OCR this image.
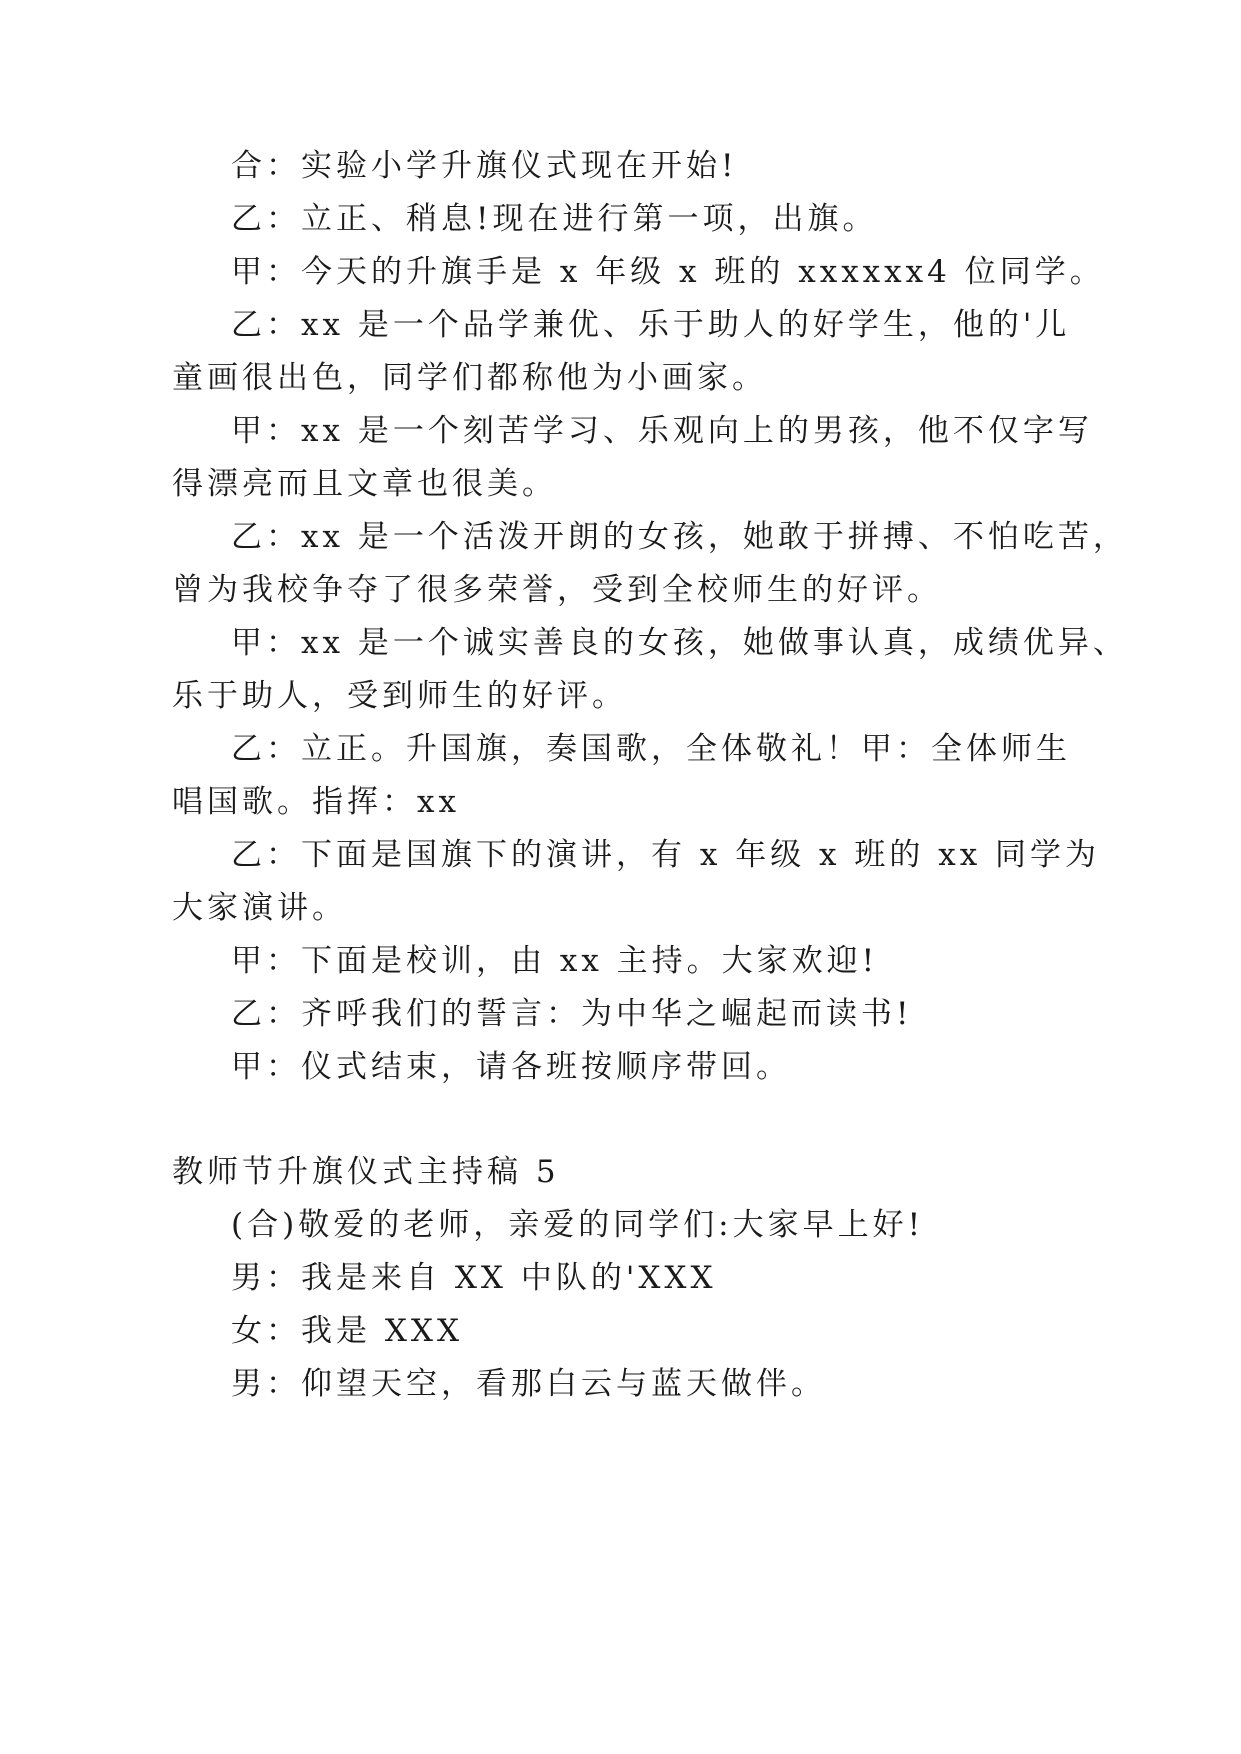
合：实验小学升旗仪式现在开始!
乙：立正、稍息!现在进行第一项，出旗。
甲：今天的升旗手是 x 年级 x 班的 xxxxxx4 位同学。
乙：xx 是一个品学兼优、乐于助人的好学生，他的'儿
童画很出色，同学们都称他为小画家。
甲：xx 是一个刻苦学习、乐观向上的男孩，他不仅字写
得漂亮而且文章也很美。
乙：xx 是一个活泼开朗的女孩，她敢于拼搏、不怕吃苦，
曾为我校争夺了很多荣誉，受到全校师生的好评。
甲：xx 是一个诚实善良的女孩，她做事认真，成绩优异、
乐于助人，受到师生的好评。
乙：立正。升国旗，奏国歌，全体敬礼！甲：全体师生
唱国歌。指挥：xx
乙：下面是国旗下的演讲，有 x 年级 x 班的 xx 同学为
大家演讲。
甲：下面是校训，由 xx 主持。大家欢迎!
乙：齐呼我们的誓言：为中华之崛起而读书!
甲：仪式结束，请各班按顺序带回。
教师节升旗仪式主持稿 5
(合)敬爱的老师，亲爱的同学们:大家早上好!
男：我是来自 XX 中队的'XXX
女：我是 XXX
男：仰望天空，看那白云与蓝天做伴。
